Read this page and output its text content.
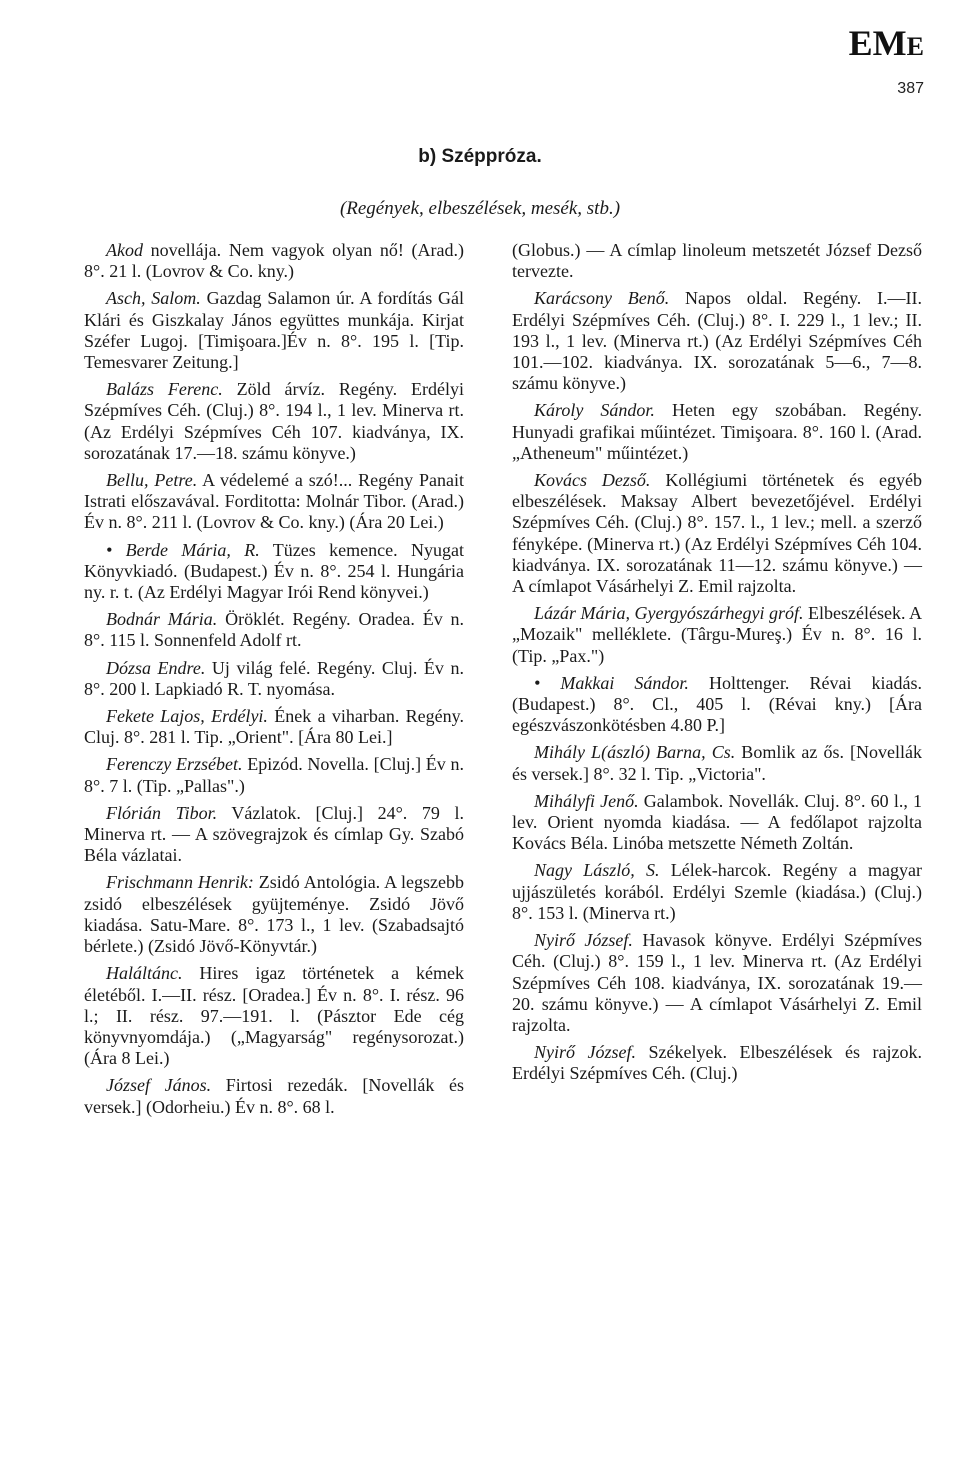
EME
387
b) Széppróza.
(Regények, elbeszélések, mesék, stb.)

Akod novellája. Nem vagyok olyan nő! (Arad.) 8°. 21 l. (Lovrov & Co. kny.)

Asch, Salom. Gazdag Salamon úr. A fordítás Gál Klári és Giszkalay János együttes munkája. Kirjat Széfer Lugoj. [Timişoara.]Év n. 8°. 195 l. [Tip. Temesvarer Zeitung.]

Balázs Ferenc. Zöld árvíz. Regény. Erdélyi Szépmíves Céh. (Cluj.) 8°. 194 l., 1 lev. Minerva rt. (Az Erdélyi Szépmíves Céh 107. kiadványa, IX. sorozatának 17.—18. számu könyve.)

Bellu, Petre. A védelemé a szó!... Regény Panait Istrati előszavával. Forditotta: Molnár Tibor. (Arad.) Év n. 8°. 211 l. (Lovrov & Co. kny.) (Ára 20 Lei.)

• Berde Mária, R. Tüzes kemence. Nyugat Könyvkiadó. (Budapest.) Év n. 8°. 254 l. Hungária ny. r. t. (Az Erdélyi Magyar Irói Rend könyvei.)

Bodnár Mária. Öröklét. Regény. Oradea. Év n. 8°. 115 l. Sonnenfeld Adolf rt.

Dózsa Endre. Uj világ felé. Regény. Cluj. Év n. 8°. 200 l. Lapkiadó R. T. nyomása.

Fekete Lajos, Erdélyi. Ének a viharban. Regény. Cluj. 8°. 281 l. Tip. „Orient". [Ára 80 Lei.]

Ferenczy Erzsébet. Epizód. Novella. [Cluj.] Év n. 8°. 7 l. (Tip. „Pallas".)

Flórián Tibor. Vázlatok. [Cluj.] 24°. 79 l. Minerva rt. — A szövegrajzok és címlap Gy. Szabó Béla vázlatai.

Frischmann Henrik: Zsidó Antológia. A legszebb zsidó elbeszélések gyüjteménye. Zsidó Jövő kiadása. Satu-Mare. 8°. 173 l., 1 lev. (Szabadsajtó bérlete.) (Zsidó Jövő-Könyvtár.)

Haláltánc. Hires igaz történetek a kémek életéből. I.—II. rész. [Oradea.] Év n. 8°. I. rész. 96 l.; II. rész. 97.—191. l. (Pásztor Ede cég könyvnyomdája.) („Magyarság" regénysorozat.) (Ára 8 Lei.)

József János. Firtosi rezedák. [Novellák és versek.] (Odorheiu.) Év n. 8°. 68 l.

(Globus.) — A címlap linoleum metszetét József Dezső tervezte.

Karácsony Benő. Napos oldal. Regény. I.—II. Erdélyi Szépmíves Céh. (Cluj.) 8°. I. 229 l., 1 lev.; II. 193 l., 1 lev. (Minerva rt.) (Az Erdélyi Szépmíves Céh 101.—102. kiadványa. IX. sorozatának 5—6., 7—8. számu könyve.)

Károly Sándor. Heten egy szobában. Regény. Hunyadi grafikai műintézet. Timişoara. 8°. 160 l. (Arad. „Atheneum" műintézet.)

Kovács Dezső. Kollégiumi történetek és egyéb elbeszélések. Maksay Albert bevezetőjével. Erdélyi Szépmíves Céh. (Cluj.) 8°. 157. l., 1 lev.; mell. a szerző fényképe. (Minerva rt.) (Az Erdélyi Szépmíves Céh 104. kiadványa. IX. sorozatának 11—12. számu könyve.) — A címlapot Vásárhelyi Z. Emil rajzolta.

Lázár Mária, Gyergyószárhegyi gróf. Elbeszélések. A „Mozaik" melléklete. (Târgu-Mureş.) Év n. 8°. 16 l. (Tip. „Pax.")

• Makkai Sándor. Holttenger. Révai kiadás. (Budapest.) 8°. Cl., 405 l. (Révai kny.) [Ára egészvászonkötésben 4.80 P.]

Mihály L(ászló) Barna, Cs. Bomlik az ős. [Novellák és versek.] 8°. 32 l. Tip. „Victoria".

Mihályfi Jenő. Galambok. Novellák. Cluj. 8°. 60 l., 1 lev. Orient nyomda kiadása. — A fedőlapot rajzolta Kovács Béla. Linóba metszette Németh Zoltán.

Nagy László, S. Lélek-harcok. Regény a magyar ujjászületés korából. Erdélyi Szemle (kiadása.) (Cluj.) 8°. 153 l. (Minerva rt.)

Nyirő József. Havasok könyve. Erdélyi Szépmíves Céh. (Cluj.) 8°. 159 l., 1 lev. Minerva rt. (Az Erdélyi Szépmíves Céh 108. kiadványa, IX. sorozatának 19.—20. számu könyve.) — A címlapot Vásárhelyi Z. Emil rajzolta.

Nyirő József. Székelyek. Elbeszélések és rajzok. Erdélyi Szépmíves Céh. (Cluj.)
